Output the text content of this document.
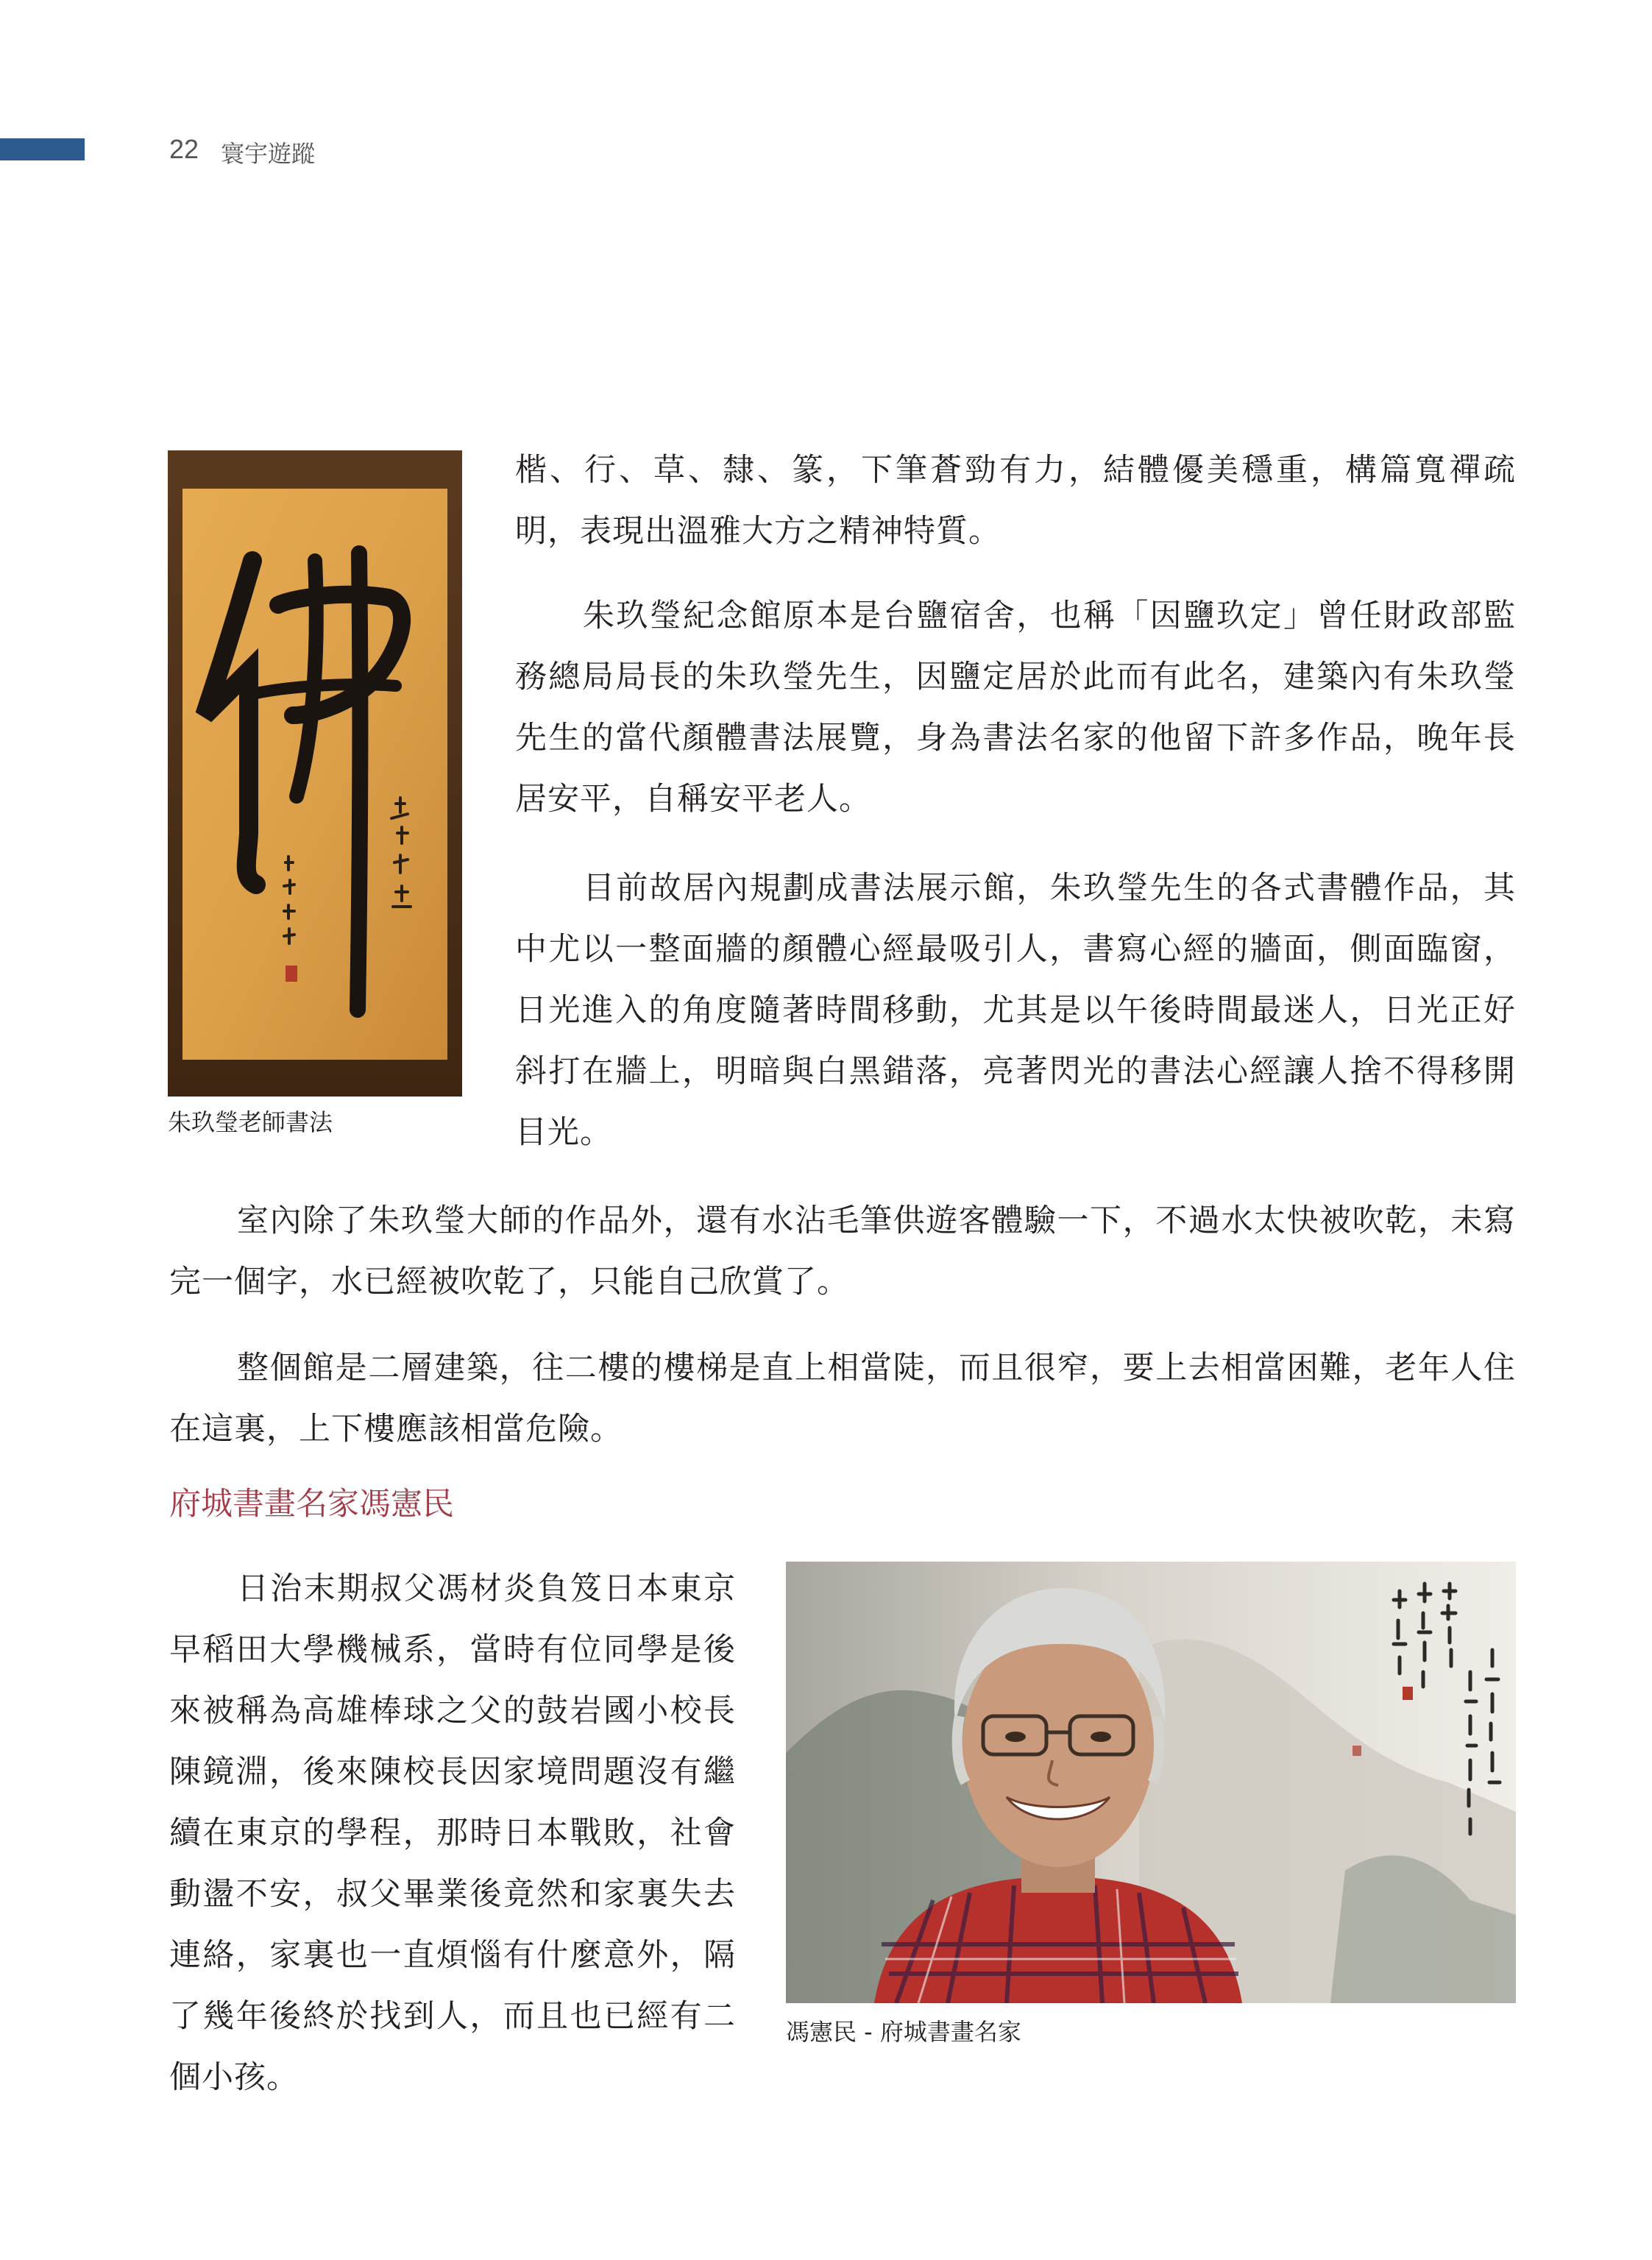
22 寰宇遊蹤
朱玖瑩老師書法

楷、行、草、隸、篆，下筆蒼勁有力，結體優美穩重，構篇寬禪疏明，表現出溫雅大方之精神特質。

朱玖瑩紀念館原本是台鹽宿舍，也稱「因鹽玖定」曾任財政部監務總局局長的朱玖瑩先生，因鹽定居於此而有此名，建築內有朱玖瑩先生的當代顏體書法展覽，身為書法名家的他留下許多作品，晚年長居安平，自稱安平老人。

目前故居內規劃成書法展示館，朱玖瑩先生的各式書體作品，其中尤以一整面牆的顏體心經最吸引人，書寫心經的牆面，側面臨窗，日光進入的角度隨著時間移動，尤其是以午後時間最迷人，日光正好斜打在牆上，明暗與白黑錯落，亮著閃光的書法心經讓人捨不得移開目光。

室內除了朱玖瑩大師的作品外，還有水沾毛筆供遊客體驗一下，不過水太快被吹乾，未寫完一個字，水已經被吹乾了，只能自己欣賞了。

整個館是二層建築，往二樓的樓梯是直上相當陡，而且很窄，要上去相當困難，老年人住在這裏，上下樓應該相當危險。

府城書畫名家馮憲民

日治末期叔父馮材炎負笈日本東京早稻田大學機械系，當時有位同學是後來被稱為高雄棒球之父的鼓岩國小校長陳鏡淵，後來陳校長因家境問題沒有繼續在東京的學程，那時日本戰敗，社會動盪不安，叔父畢業後竟然和家裏失去連絡，家裏也一直煩惱有什麼意外，隔了幾年後終於找到人，而且也已經有二個小孩。

馮憲民 - 府城書畫名家
